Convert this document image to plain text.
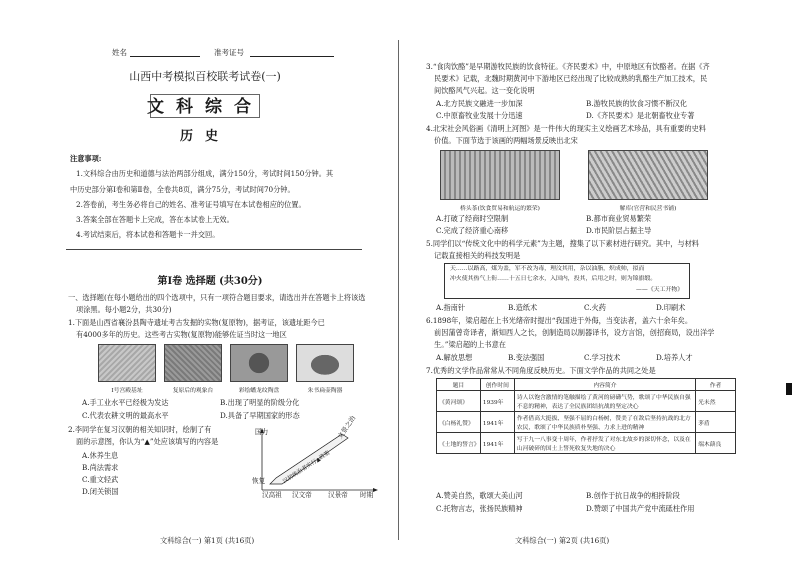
姓名	准考证号
山西中考模拟百校联考试卷(一)
文科综合
历史
注意事项:
1.文科综合由历史和道德与法治两部分组成，满分150分，考试时间150分钟。其
中历史部分第Ⅰ卷和第Ⅱ卷，全卷共8页，满分75分，考试时间70分钟。
2.答卷前，考生务必将自己的姓名、准考证号填写在本试卷相应的位置。
3.答案全部在答题卡上完成，答在本试卷上无效。
4.考试结束后，将本试卷和答题卡一并交回。
第Ⅰ卷 选择题 (共30分)
一、选择题(在每小题给出的四个选项中，只有一项符合题目要求，请选出并在答题卡上将该选
项涂黑。每小题2分，共30分)
1.下面是山西省襄汾县陶寺遗址考古发掘的实物(复原物)，据考证，该遗址距今已
有4000多年的历史。这些考古实物(复原物)能够佐证当时这一地区
I号宫殿基址	复原后的观象台	彩绘蟠龙纹陶盘	朱书扁壶陶器
A.手工业水平已经极为发达	B.出现了明显的阶级分化
C.代表农耕文明的最高水平	D.具备了早期国家的形态
2.李同学在复习汉朝的相关知识时，绘制了有
面的示意图，你认为“▲”处应该填写的内容是
A.休养生息
B.尚法需求
C.重文轻武
D.闭关锁国
国力
恢复
汉高祖 汉文帝 汉景帝 时期
文景之治
汉初统治者实行▲政策
文科综合(一) 第1页 (共16页)
3.“食肉饮酪”是早期游牧民族的饮食特征。《齐民要术》中，中原地区有饮酪者。在据《齐
民要术》记载，北魏时期黄河中下游地区已经出现了比较成熟的乳酪生产加工技术，民
间饮酪风气兴起。这一变化说明
A.北方民族文融进一步加深	B.游牧民族的饮食习惯不断汉化
C.中原畜牧业发展十分迅速	D.《齐民要术》是北朝畜牧业专著
4.北宋社会风俗画《清明上河图》是一件伟大的现实主义绘画艺术珍品，具有重要的史料
价值。下面节选于该画的两幅场景反映出北宋
桥头茶(饮食贸易和航运的繁荣)	解库(官营和民营书铺)
A.打破了经商时空限制	B.都市商业贸易繁荣
C.完成了经济重心南移	D.市民阶层占据主导
5.同学们以“传统文化中的科学元素”为主题，搜集了以下素材进行研究。其中，与材料
记载直接相关的科技发明是
天……以路高，煤为盖，军不改为毒，理汶其用，杂以油脂，炽成帅，拟而
冲火使其热气上衔……十五日七余水，入国内，投其，后用之时，则为锦旗缎。
——《天工开物》
A.指南针	B.造纸术	C.火药	D.印刷术
6.1898年，梁启超在上书光绪帝时提出“我国进于外侮，当变法者，盖六十余年矣。
前因蒲曾奇译者，渐知西人之长，创制造局以制器译书，设方言馆，创招商局，设出洋学
生。”梁启超的上书意在
A.解放思想	B.变法强国	C.学习技术	D.培养人才
7.优秀的文学作品常常从不同角度反映历史。下面文学作品的共同之处是
题目	创作时间	内容简介	作者
《黄河颂》	1939年	诗人以饱含激情的笔触描绘了黄河的磅礴气势，歌颂了中华民族自强不息的精神，表达了全民族团结抗战的坚定决心	光未然
《白杨礼赞》	1941年	作者借高大挺拔、坚强不屈的白杨树，赞美了在敌后坚持抗战的北方农民，歌颂了中华民族质朴坚强、力求上进的精神	茅盾
《土地的誓言》	1941年	写于九一八事变十周年，作者抒发了对东北故乡的深切怀念，以及在山河破碎的国土上誓死收复失地的决心	端木蕻良
A.赞美自然，歌颂大美山河	B.创作于抗日战争的相持阶段
C.托物言志，张扬民族精神	D.赞颂了中国共产党中流砥柱作用
文科综合(一) 第2页 (共16页)
